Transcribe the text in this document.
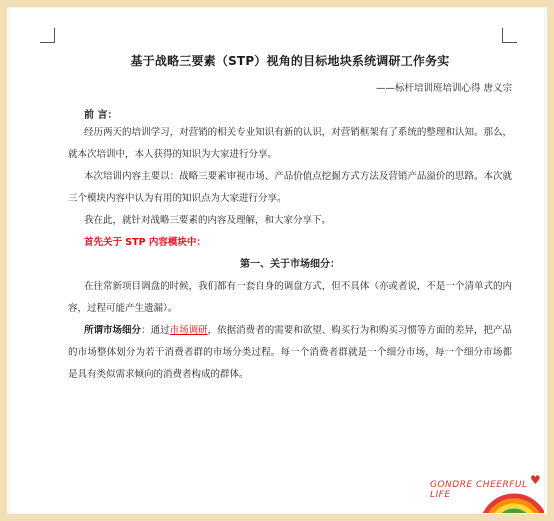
基于战略三要素（STP）视角的目标地块系统调研工作务实
——标杆培训班培训心得 唐义宗
前 言：

经历两天的培训学习，对营销的相关专业知识有新的认识，对营销框架有了系统的整理和认知。那么，就本次培训中，本人获得的知识为大家进行分享。

本次培训内容主要以：战略三要素审视市场、产品价值点挖掘方式方法及营销产品溢价的思路。本次就三个模块内容中认为有用的知识点为大家进行分享。

我在此，就针对战略三要素的内容及理解，和大家分享下。

首先关于 STP 内容模块中：

第一、关于市场细分：

在往常新项目调盘的时候，我们都有一套自身的调盘方式，但不具体（亦或者说，不是一个清单式的内容，过程可能产生遗漏）。

所谓市场细分：通过市场调研，依据消费者的需要和欲望、购买行为和购买习惯等方面的差异，把产品的市场整体划分为若干消费者群的市场分类过程。每一个消费者群就是一个细分市场，每一个细分市场都是具有类似需求倾向的消费者构成的群体。

GONDRE CHEERFUL LIFE
♥
